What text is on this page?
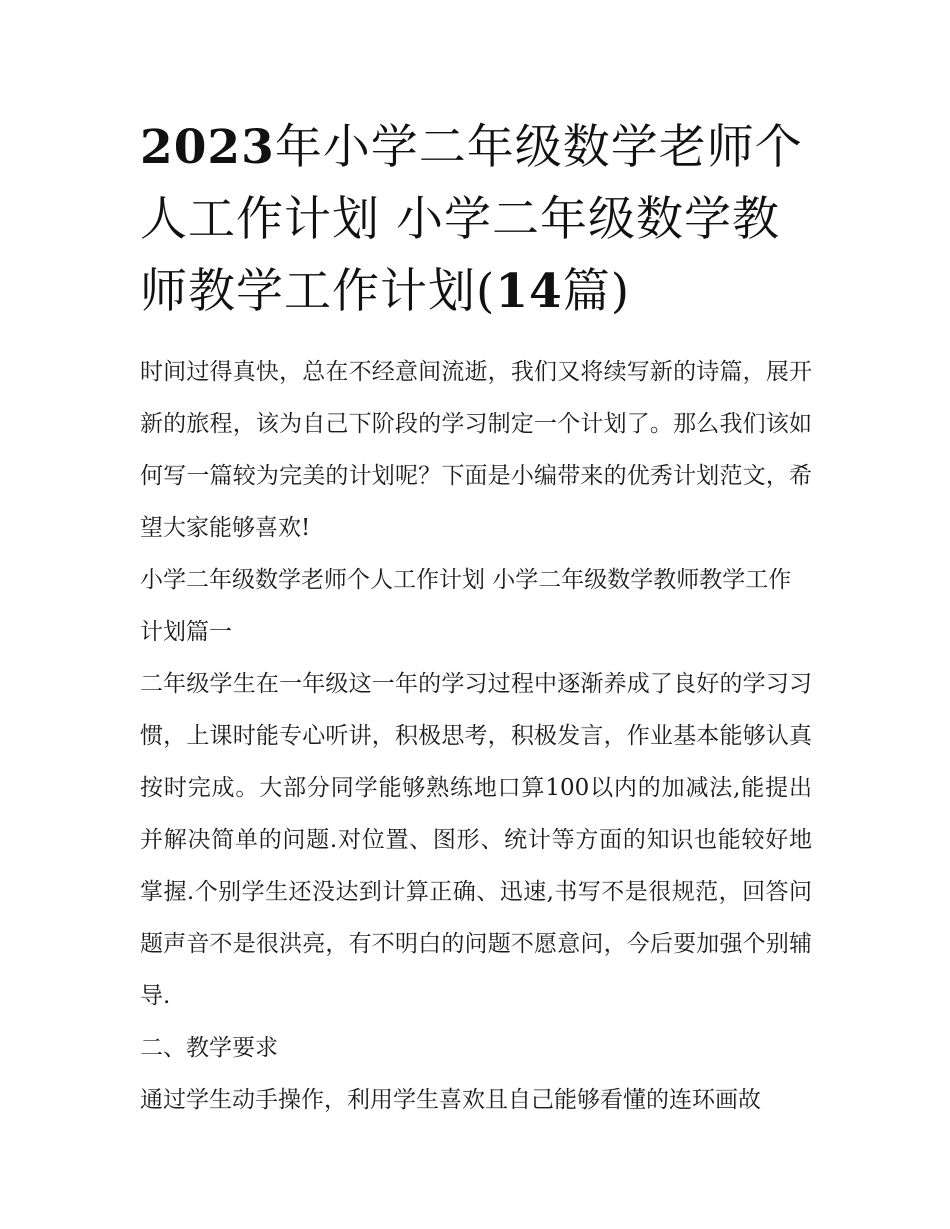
2023年小学二年级数学老师个人工作计划 小学二年级数学教师教学工作计划(14篇)

时间过得真快，总在不经意间流逝，我们又将续写新的诗篇，展开新的旅程，该为自己下阶段的学习制定一个计划了。那么我们该如何写一篇较为完美的计划呢？下面是小编带来的优秀计划范文，希望大家能够喜欢!

小学二年级数学老师个人工作计划 小学二年级数学教师教学工作计划篇一

二年级学生在一年级这一年的学习过程中逐渐养成了良好的学习习惯，上课时能专心听讲，积极思考，积极发言，作业基本能够认真按时完成。大部分同学能够熟练地口算100以内的加减法,能提出并解决简单的问题.对位置、图形、统计等方面的知识也能较好地掌握.个别学生还没达到计算正确、迅速,书写不是很规范，回答问题声音不是很洪亮，有不明白的问题不愿意问，今后要加强个别辅导.

二、教学要求

通过学生动手操作，利用学生喜欢且自己能够看懂的连环画故
